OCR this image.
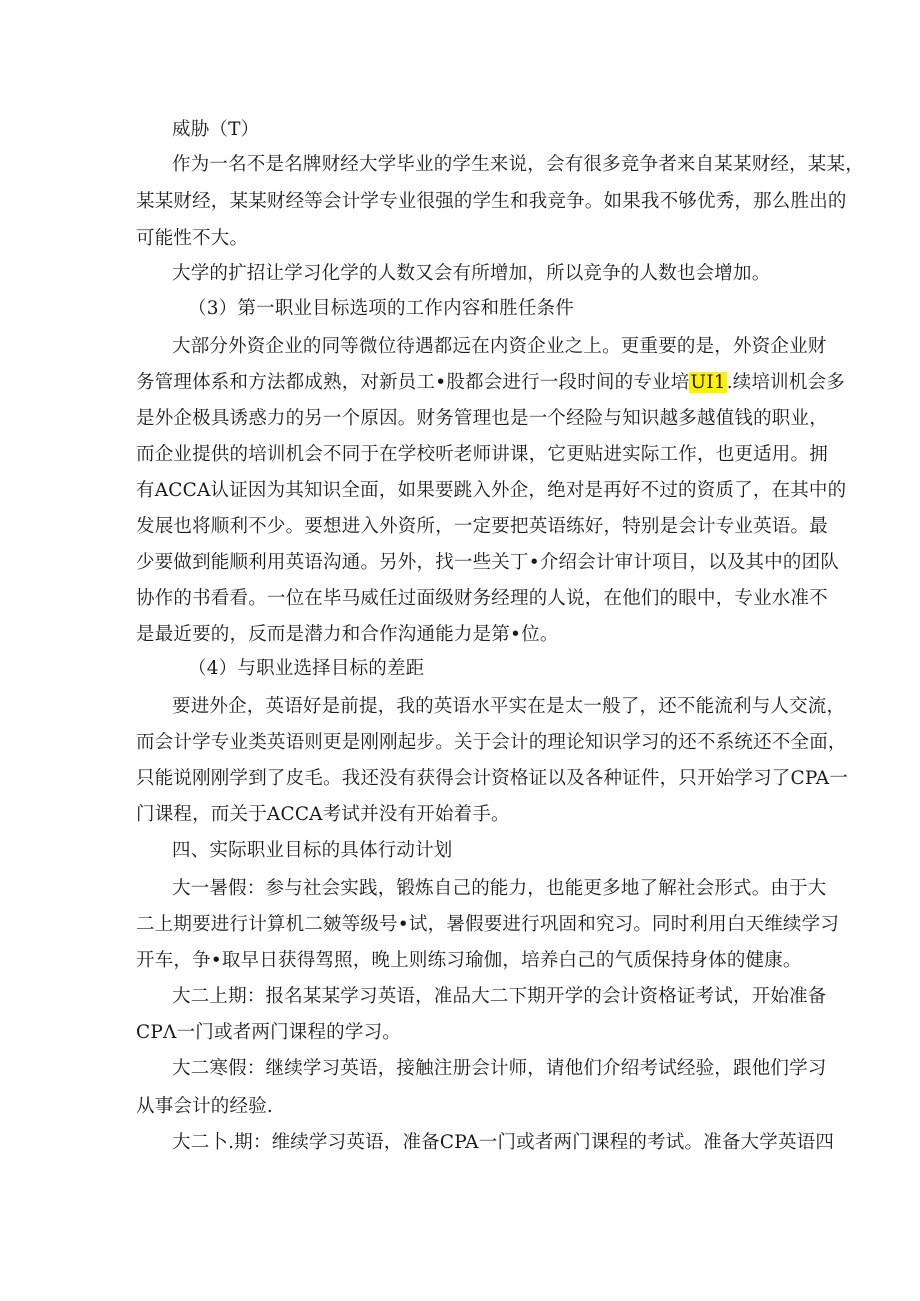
威胁（T）
作为一名不是名牌财经大学毕业的学生来说，会有很多竞争者来自某某财经，某某，
某某财经，某某财经等会计学专业很强的学生和我竞争。如果我不够优秀，那么胜出的
可能性不大。
大学的扩招让学习化学的人数又会有所增加，所以竞争的人数也会增加。
（3）第一职业目标选项的工作内容和胜任条件
大部分外资企业的同等微位待遇都远在内资企业之上。更重要的是，外资企业财
务管理体系和方法都成熟，对新员工•股都会进行一段时间的专业培UI1.续培训机会多
是外企极具诱惑力的另一个原因。财务管理也是一个经险与知识越多越值钱的职业，
而企业提供的培训机会不同于在学校听老师讲课，它更贴进实际工作，也更适用。拥
有ACCA认证因为其知识全面，如果要跳入外企，绝对是再好不过的资质了，在其中的
发展也将顺利不少。要想进入外资所，一定要把英语练好，特别是会计专业英语。最
少要做到能顺利用英语沟通。另外，找一些关丁•介绍会计审计项目，以及其中的团队
协作的书看看。一位在毕马威任过面级财务经理的人说，在他们的眼中，专业水准不
是最近要的，反而是潜力和合作沟通能力是第•位。
（4）与职业选择目标的差距
要进外企，英语好是前提，我的英语水平实在是太一般了，还不能流利与人交流，
而会计学专业类英语则更是刚刚起步。关于会计的理论知识学习的还不系统还不全面，
只能说刚刚学到了皮毛。我还没有获得会计资格证以及各种证件，只开始学习了CPA一
门课程，而关于ACCA考试并没有开始着手。
四、实际职业目标的具体行动计划
大一暑假：参与社会实践，锻炼自己的能力，也能更多地了解社会形式。由于大
二上期要进行计算机二皴等级号•试，暑假要进行巩固和究习。同时利用白天维续学习
开车，争•取早日获得驾照，晚上则练习瑜伽，培养白己的气质保持身体的健康。
大二上期：报名某某学习英语，准品大二下期开学的会计资格证考试，开始准备
CPΛ一门或者两门课程的学习。
大二寒假：继续学习英语，接触注册会计师，请他们介绍考试经验，跟他们学习
从事会计的经验.
大二卜.期：维续学习英语，准备CPA一门或者两门课程的考试。准备大学英语四
